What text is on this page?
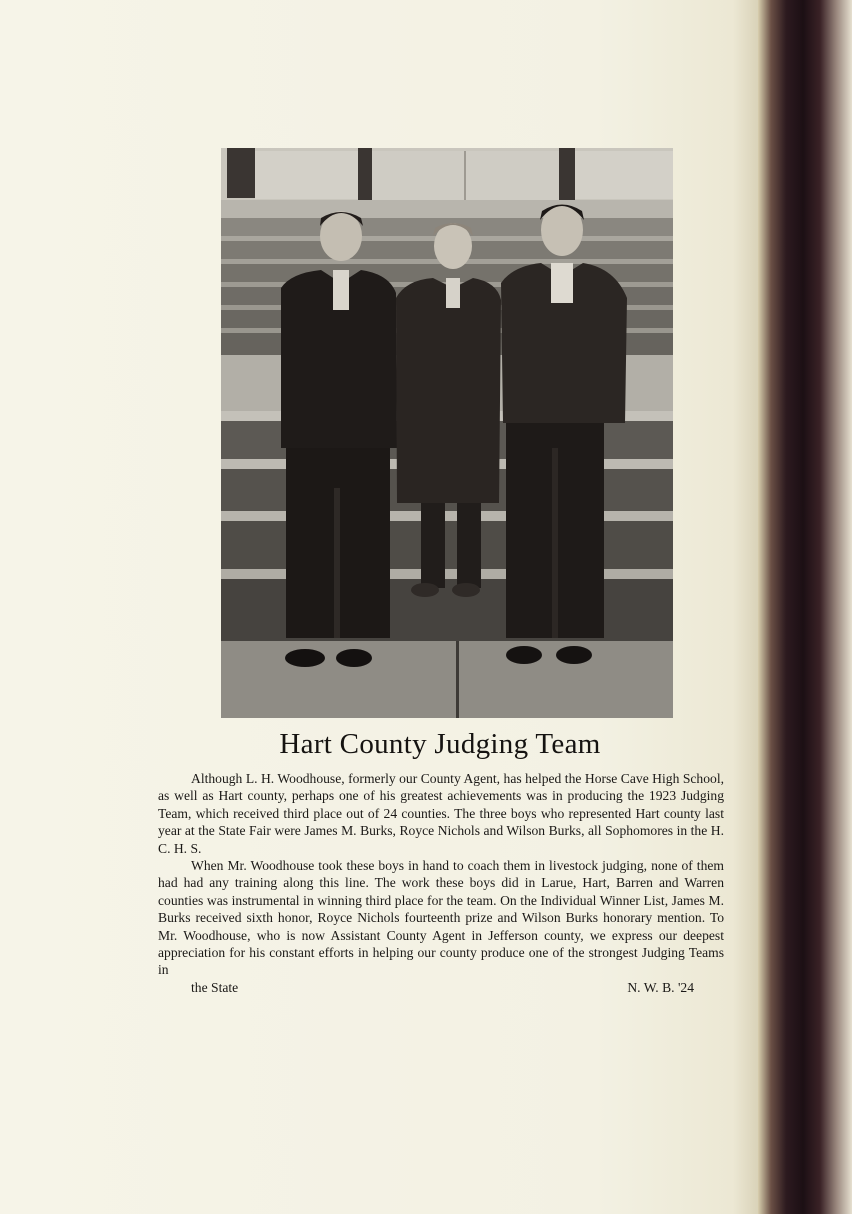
Hart County Judging Team

Although L. H. Woodhouse, formerly our County Agent, has helped the Horse Cave High School, as well as Hart county, perhaps one of his greatest achievements was in producing the 1923 Judging Team, which received third place out of 24 counties. The three boys who represented Hart county last year at the State Fair were James M. Burks, Royce Nichols and Wilson Burks, all Sophomores in the H. C. H. S.

When Mr. Woodhouse took these boys in hand to coach them in livestock judging, none of them had had any training along this line. The work these boys did in Larue, Hart, Barren and Warren counties was instrumental in winning third place for the team. On the Individual Winner List, James M. Burks received sixth honor, Royce Nichols fourteenth prize and Wilson Burks honorary mention. To Mr. Woodhouse, who is now Assistant County Agent in Jefferson county, we express our deepest appreciation for his constant efforts in helping our county produce one of the strongest Judging Teams in

the State	N. W. B. '24
